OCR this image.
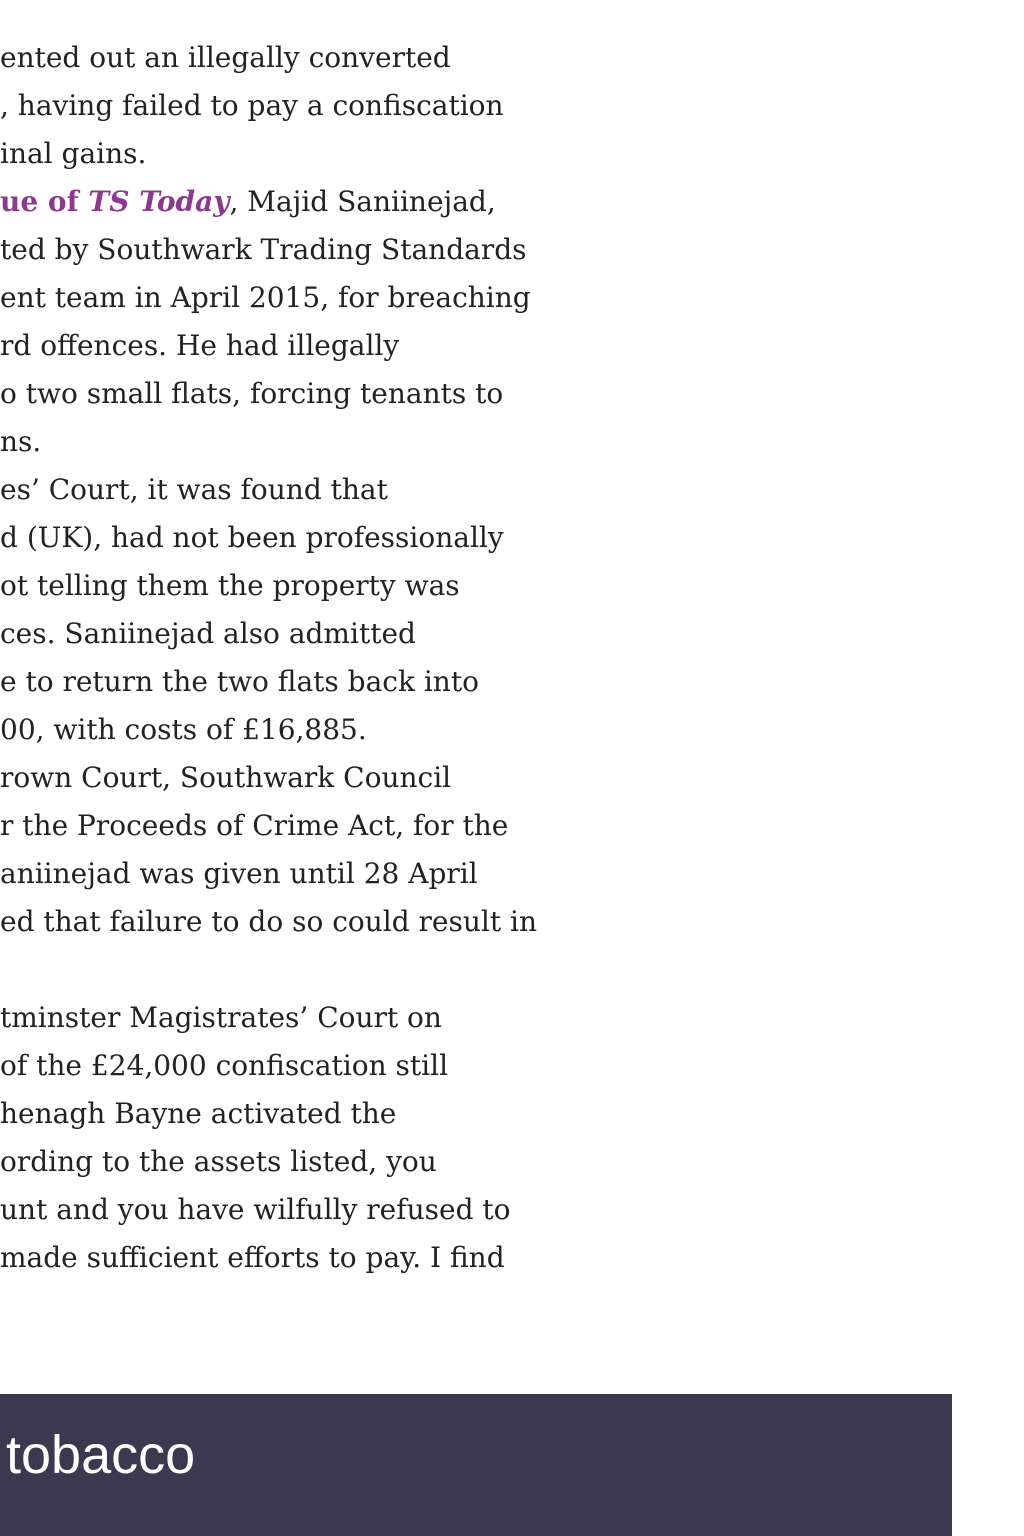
ented out an illegally converted
, having failed to pay a confiscation
inal gains.
ue of TS Today, Majid Saniinejad,
ted by Southwark Trading Standards
ent team in April 2015, for breaching
rd offences. He had illegally
o two small flats, forcing tenants to
ns.
es’ Court, it was found that
d (UK), had not been professionally
ot telling them the property was
ces. Saniinejad also admitted
e to return the two flats back into
00, with costs of £16,885.
rown Court, Southwark Council
r the Proceeds of Crime Act, for the
aniinejad was given until 28 April
ed that failure to do so could result in
tminster Magistrates’ Court on
of the £24,000 confiscation still
henagh Bayne activated the
ording to the assets listed, you
unt and you have wilfully refused to
made sufficient efforts to pay. I find
tobacco
